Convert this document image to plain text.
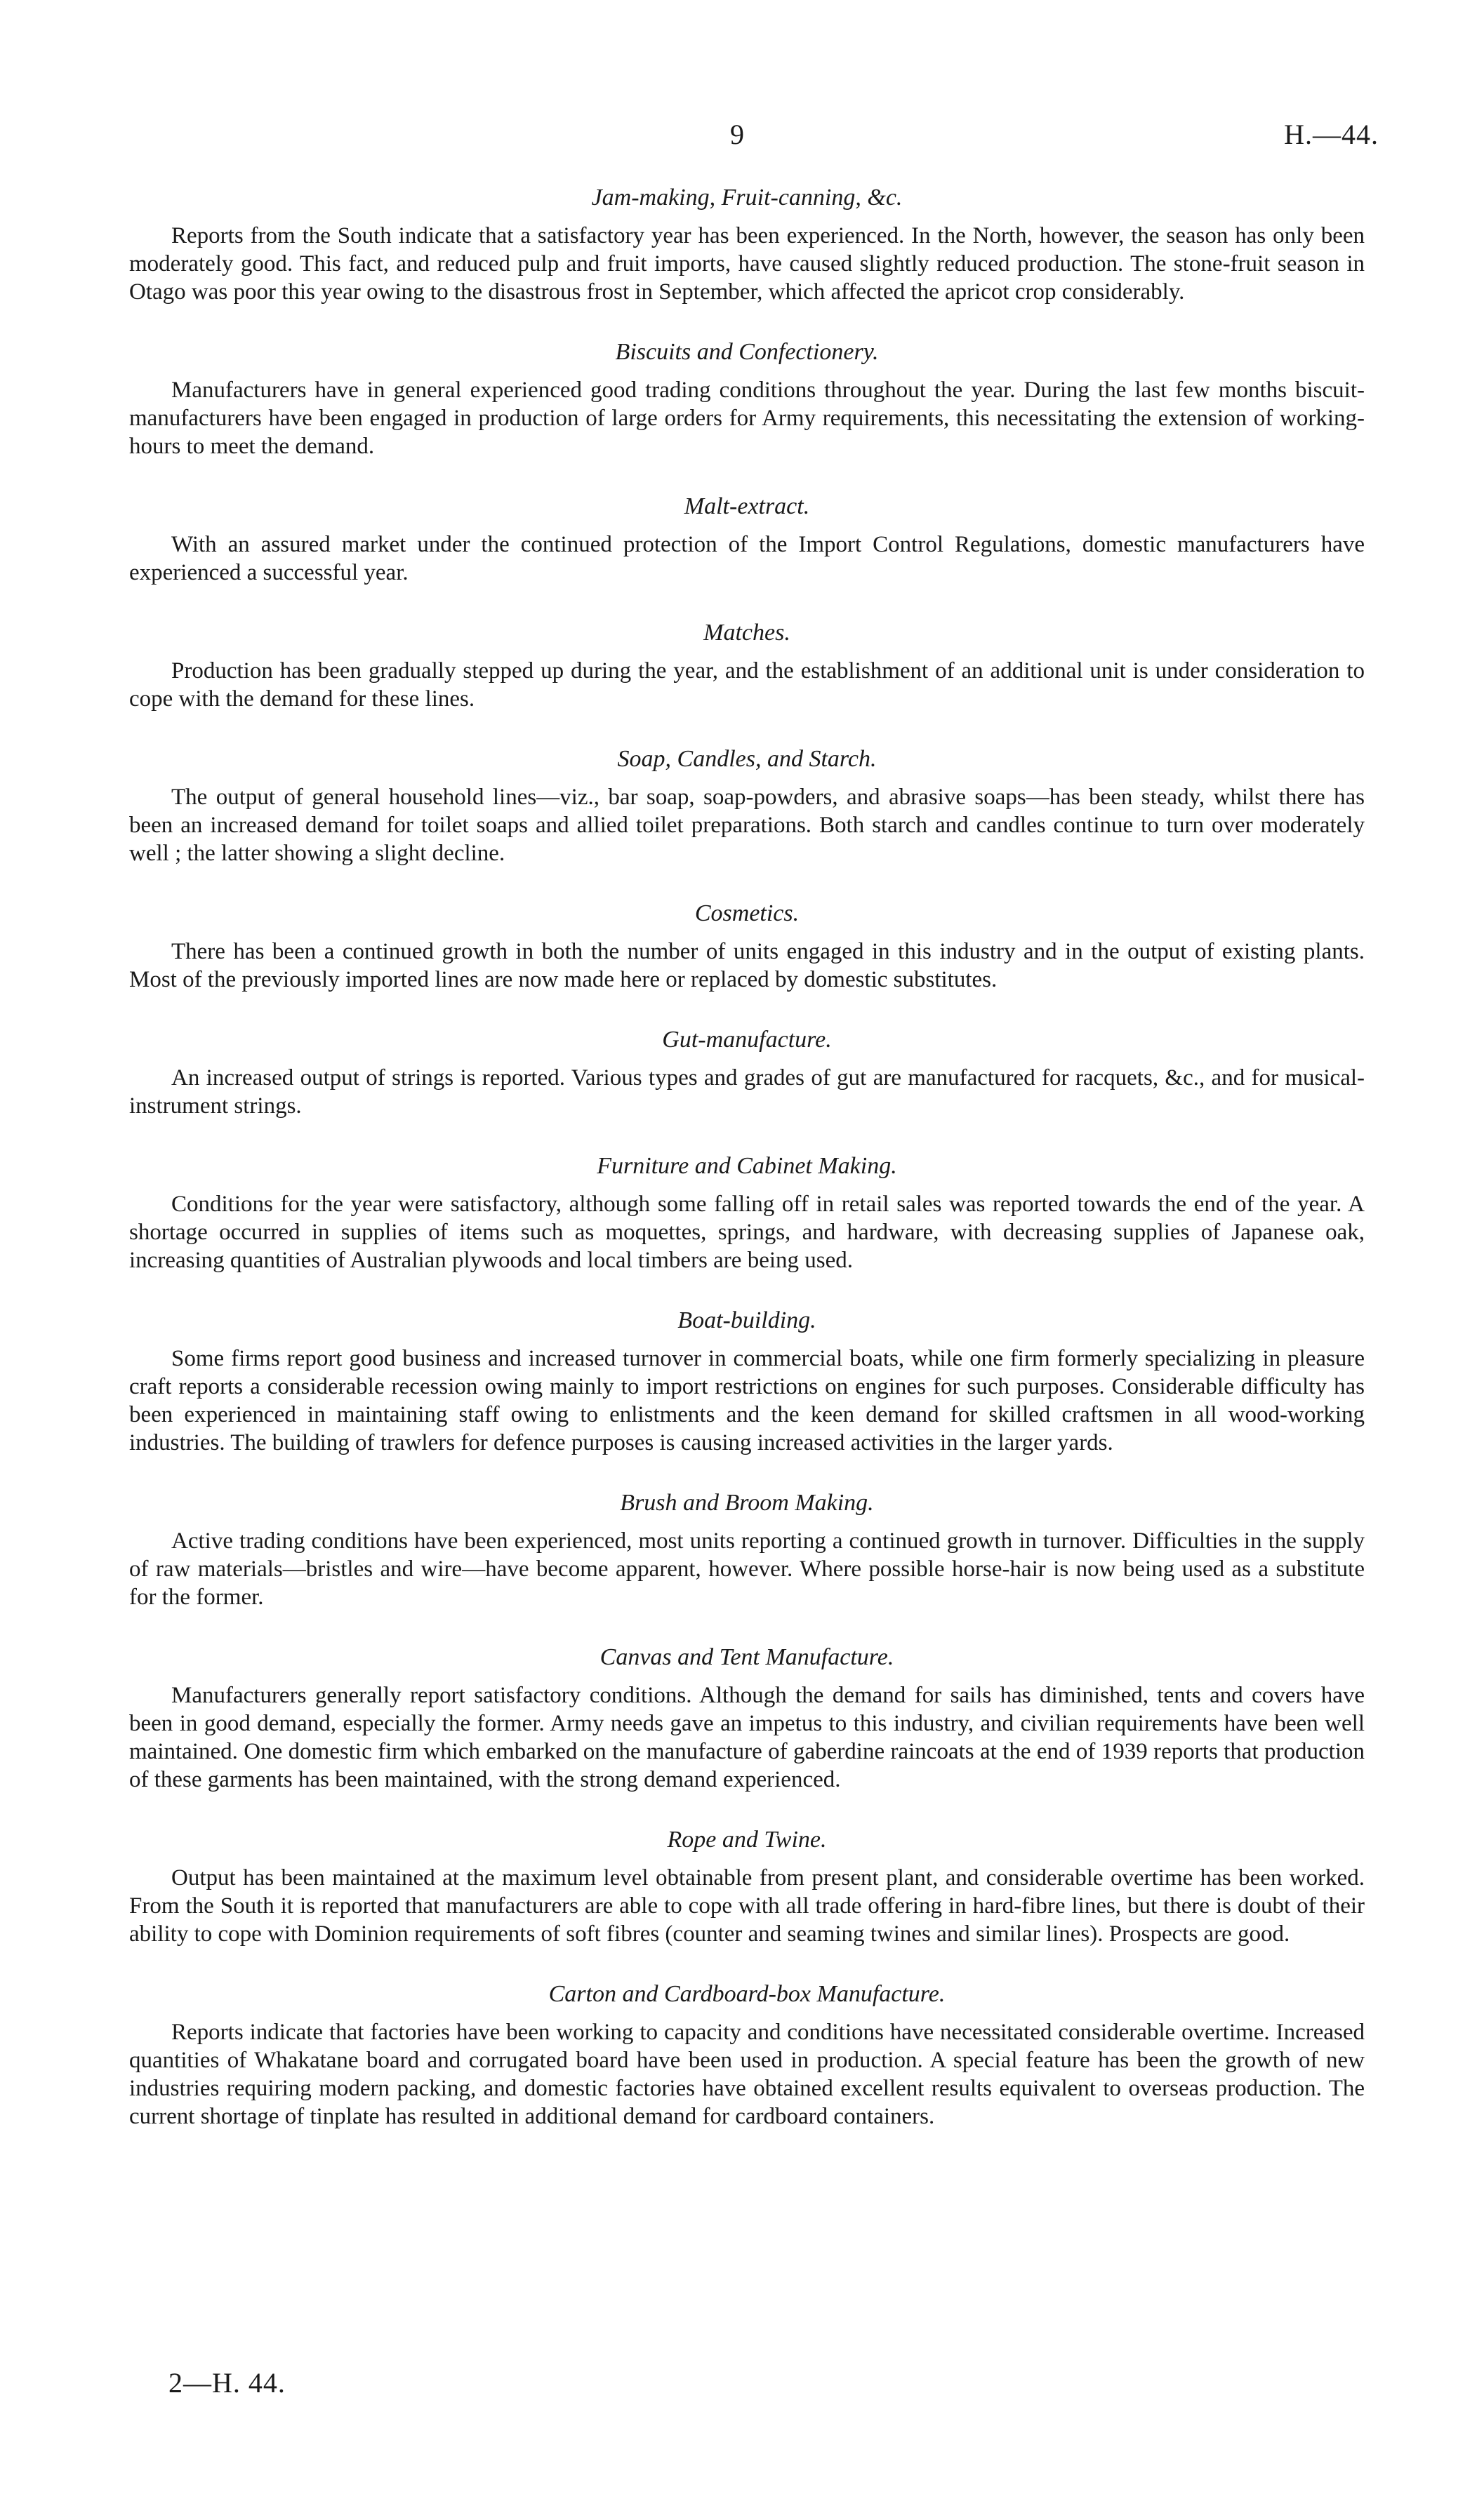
9	H.—44.

Jam-making, Fruit-canning, &c.

Reports from the South indicate that a satisfactory year has been experienced. In the North, however, the season has only been moderately good. This fact, and reduced pulp and fruit imports, have caused slightly reduced production. The stone-fruit season in Otago was poor this year owing to the disastrous frost in September, which affected the apricot crop considerably.

Biscuits and Confectionery.

Manufacturers have in general experienced good trading conditions throughout the year. During the last few months biscuit-manufacturers have been engaged in production of large orders for Army requirements, this necessitating the extension of working-hours to meet the demand.

Malt-extract.

With an assured market under the continued protection of the Import Control Regulations, domestic manufacturers have experienced a successful year.

Matches.

Production has been gradually stepped up during the year, and the establishment of an additional unit is under consideration to cope with the demand for these lines.

Soap, Candles, and Starch.

The output of general household lines—viz., bar soap, soap-powders, and abrasive soaps—has been steady, whilst there has been an increased demand for toilet soaps and allied toilet preparations. Both starch and candles continue to turn over moderately well ; the latter showing a slight decline.

Cosmetics.

There has been a continued growth in both the number of units engaged in this industry and in the output of existing plants. Most of the previously imported lines are now made here or replaced by domestic substitutes.

Gut-manufacture.

An increased output of strings is reported. Various types and grades of gut are manufactured for racquets, &c., and for musical-instrument strings.

Furniture and Cabinet Making.

Conditions for the year were satisfactory, although some falling off in retail sales was reported towards the end of the year. A shortage occurred in supplies of items such as moquettes, springs, and hardware, with decreasing supplies of Japanese oak, increasing quantities of Australian plywoods and local timbers are being used.

Boat-building.

Some firms report good business and increased turnover in commercial boats, while one firm formerly specializing in pleasure craft reports a considerable recession owing mainly to import restrictions on engines for such purposes. Considerable difficulty has been experienced in maintaining staff owing to enlistments and the keen demand for skilled craftsmen in all wood-working industries. The building of trawlers for defence purposes is causing increased activities in the larger yards.

Brush and Broom Making.

Active trading conditions have been experienced, most units reporting a continued growth in turnover. Difficulties in the supply of raw materials—bristles and wire—have become apparent, however. Where possible horse-hair is now being used as a substitute for the former.

Canvas and Tent Manufacture.

Manufacturers generally report satisfactory conditions. Although the demand for sails has diminished, tents and covers have been in good demand, especially the former. Army needs gave an impetus to this industry, and civilian requirements have been well maintained. One domestic firm which embarked on the manufacture of gaberdine raincoats at the end of 1939 reports that production of these garments has been maintained, with the strong demand experienced.

Rope and Twine.

Output has been maintained at the maximum level obtainable from present plant, and considerable overtime has been worked. From the South it is reported that manufacturers are able to cope with all trade offering in hard-fibre lines, but there is doubt of their ability to cope with Dominion requirements of soft fibres (counter and seaming twines and similar lines). Prospects are good.

Carton and Cardboard-box Manufacture.

Reports indicate that factories have been working to capacity and conditions have necessitated considerable overtime. Increased quantities of Whakatane board and corrugated board have been used in production. A special feature has been the growth of new industries requiring modern packing, and domestic factories have obtained excellent results equivalent to overseas production. The current shortage of tinplate has resulted in additional demand for cardboard containers.

2—H. 44.
